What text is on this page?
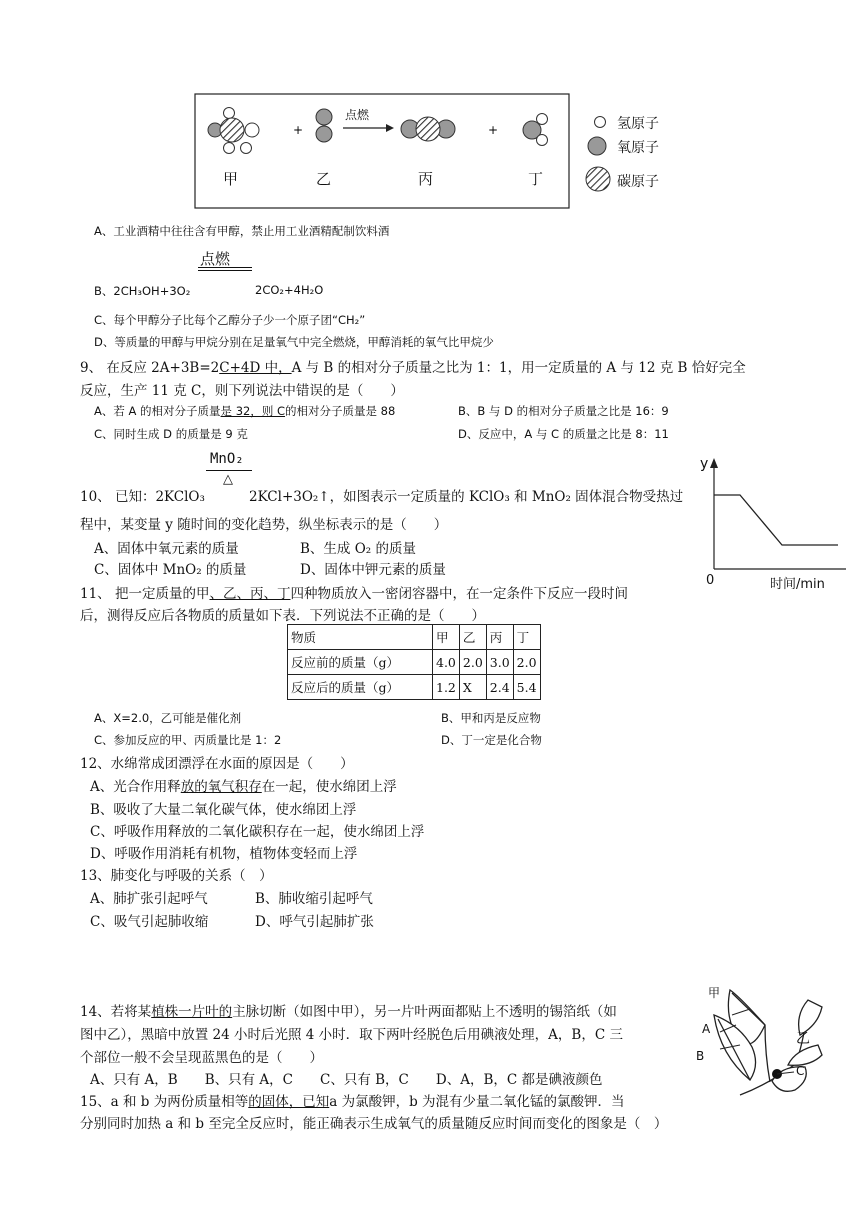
+	+
点燃
甲	乙	丙	丁
氢原子
氧原子
碳原子
A、工业酒精中往往含有甲醇，禁止用工业酒精配制饮料酒
点燃
B、2CH₃OH+3O₂	2CO₂+4H₂O
C、每个甲醇分子比每个乙醇分子少一个原子团“CH₂”
D、等质量的甲醇与甲烷分别在足量氧气中完全燃烧，甲醇消耗的氧气比甲烷少
9、 在反应 2A+3B=2C+4D 中，A 与 B 的相对分子质量之比为 1：1，用一定质量的 A 与 12 克 B 恰好完全
反应，生产 11 克 C，则下列说法中错误的是（　　）
A、若 A 的相对分子质量是 32，则 C的相对分子质量是 88	B、B 与 D 的相对分子质量之比是 16：9
C、同时生成 D 的质量是 9 克	D、反应中，A 与 C 的质量之比是 8：11
MnO₂
△
10、 已知：2KClO₃	2KCl+3O₂↑，如图表示一定质量的 KClO₃ 和 MnO₂ 固体混合物受热过
程中，某变量 y 随时间的变化趋势，纵坐标表示的是（　　）
A、固体中氧元素的质量	B、生成 O₂ 的质量
C、固体中 MnO₂ 的质量	D、固体中钾元素的质量
y
0	时间/min
11、 把一定质量的甲、乙、丙、丁四种物质放入一密闭容器中，在一定条件下反应一段时间
后，测得反应后各物质的质量如下表．下列说法不正确的是（　　）
物质	甲	乙	丙	丁
反应前的质量（g）	4.0	2.0	3.0	2.0
反应后的质量（g）	1.2	X	2.4	5.4
A、X=2.0，乙可能是催化剂	B、甲和丙是反应物
C、参加反应的甲、丙质量比是 1：2	D、丁一定是化合物
12、水绵常成团漂浮在水面的原因是（　　）
A、光合作用释放的氧气积存在一起，使水绵团上浮
B、吸收了大量二氧化碳气体，使水绵团上浮
C、呼吸作用释放的二氧化碳积存在一起，使水绵团上浮
D、呼吸作用消耗有机物，植物体变轻而上浮
13、肺变化与呼吸的关系（　）
A、肺扩张引起呼气	B、肺收缩引起呼气
C、吸气引起肺收缩	D、呼气引起肺扩张
14、若将某植株一片叶的主脉切断（如图中甲），另一片叶两面都贴上不透明的锡箔纸（如
图中乙），黑暗中放置 24 小时后光照 4 小时．取下两叶经脱色后用碘液处理，A，B，C 三
个部位一般不会呈现蓝黑色的是（　　）
A、只有 A，B　　B、只有 A，C　　C、只有 B，C　　D、A，B，C 都是碘液颜色
甲
乙
A
B
C
15、a 和 b 为两份质量相等的固体，已知a 为氯酸钾，b 为混有少量二氧化锰的氯酸钾．当
分别同时加热 a 和 b 至完全反应时，能正确表示生成氧气的质量随反应时间而变化的图象是（　）
